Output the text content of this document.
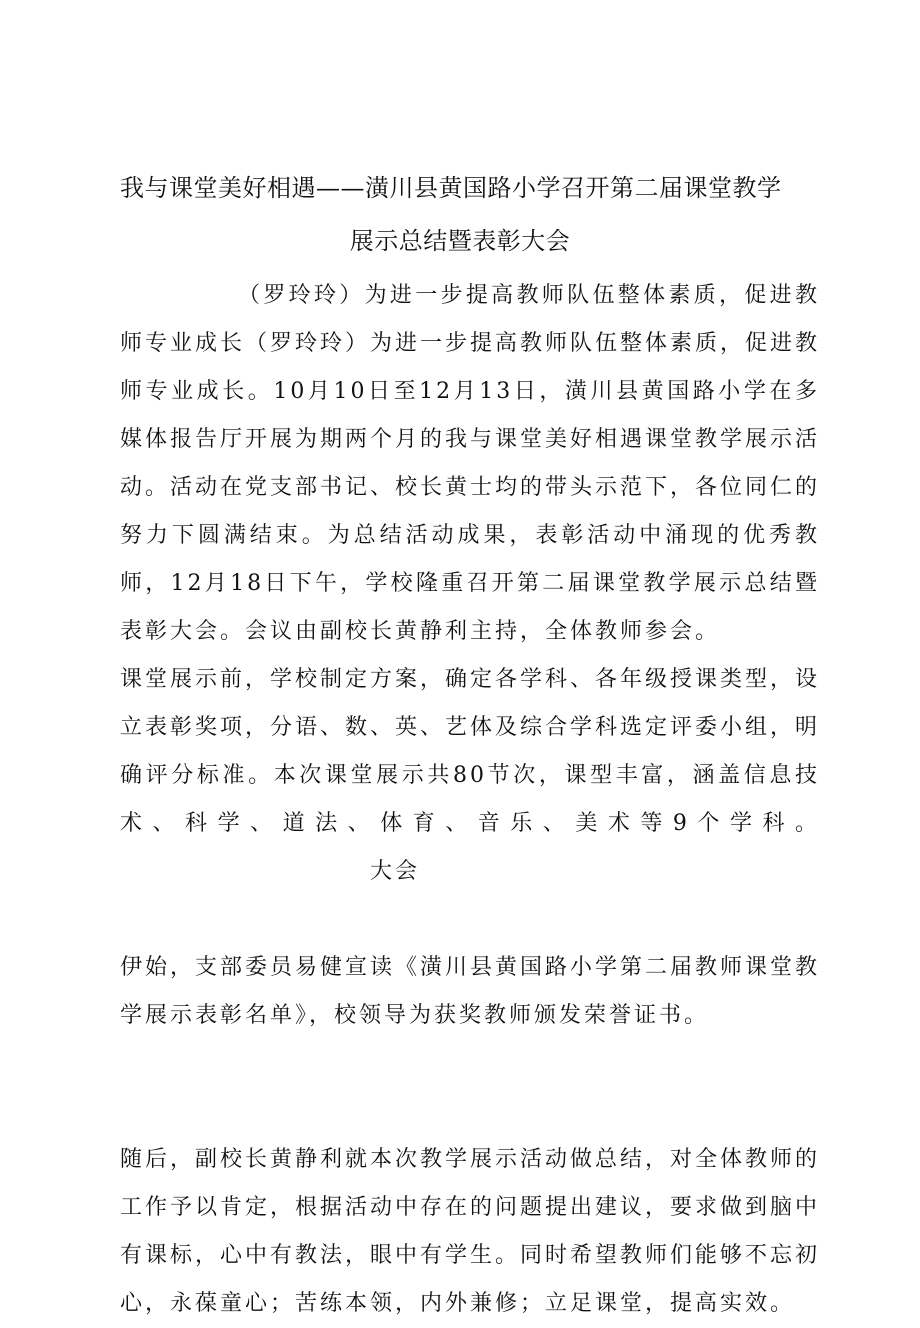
我与课堂美好相遇——潢川县黄国路小学召开第二届课堂教学
展示总结暨表彰大会
（罗玲玲）为进一步提高教师队伍整体素质，促进教师专业成长（罗玲玲）为进一步提高教师队伍整体素质，促进教师专业成长。10月10日至12月13日，潢川县黄国路小学在多媒体报告厅开展为期两个月的我与课堂美好相遇课堂教学展示活动。活动在党支部书记、校长黄士均的带头示范下，各位同仁的努力下圆满结束。为总结活动成果，表彰活动中涌现的优秀教师，12月18日下午，学校隆重召开第二届课堂教学展示总结暨表彰大会。会议由副校长黄静利主持，全体教师参会。
课堂展示前，学校制定方案，确定各学科、各年级授课类型，设立表彰奖项，分语、数、英、艺体及综合学科选定评委小组，明确评分标准。本次课堂展示共80节次，课型丰富，涵盖信息技术、科学、道法、体育、音乐、美术等9个学科。大会
伊始，支部委员易健宣读《潢川县黄国路小学第二届教师课堂教学展示表彰名单》，校领导为获奖教师颁发荣誉证书。
随后，副校长黄静利就本次教学展示活动做总结，对全体教师的工作予以肯定，根据活动中存在的问题提出建议，要求做到脑中有课标，心中有教法，眼中有学生。同时希望教师们能够不忘初心，永葆童心；苦练本领，内外兼修；立足课堂，提高实效。
